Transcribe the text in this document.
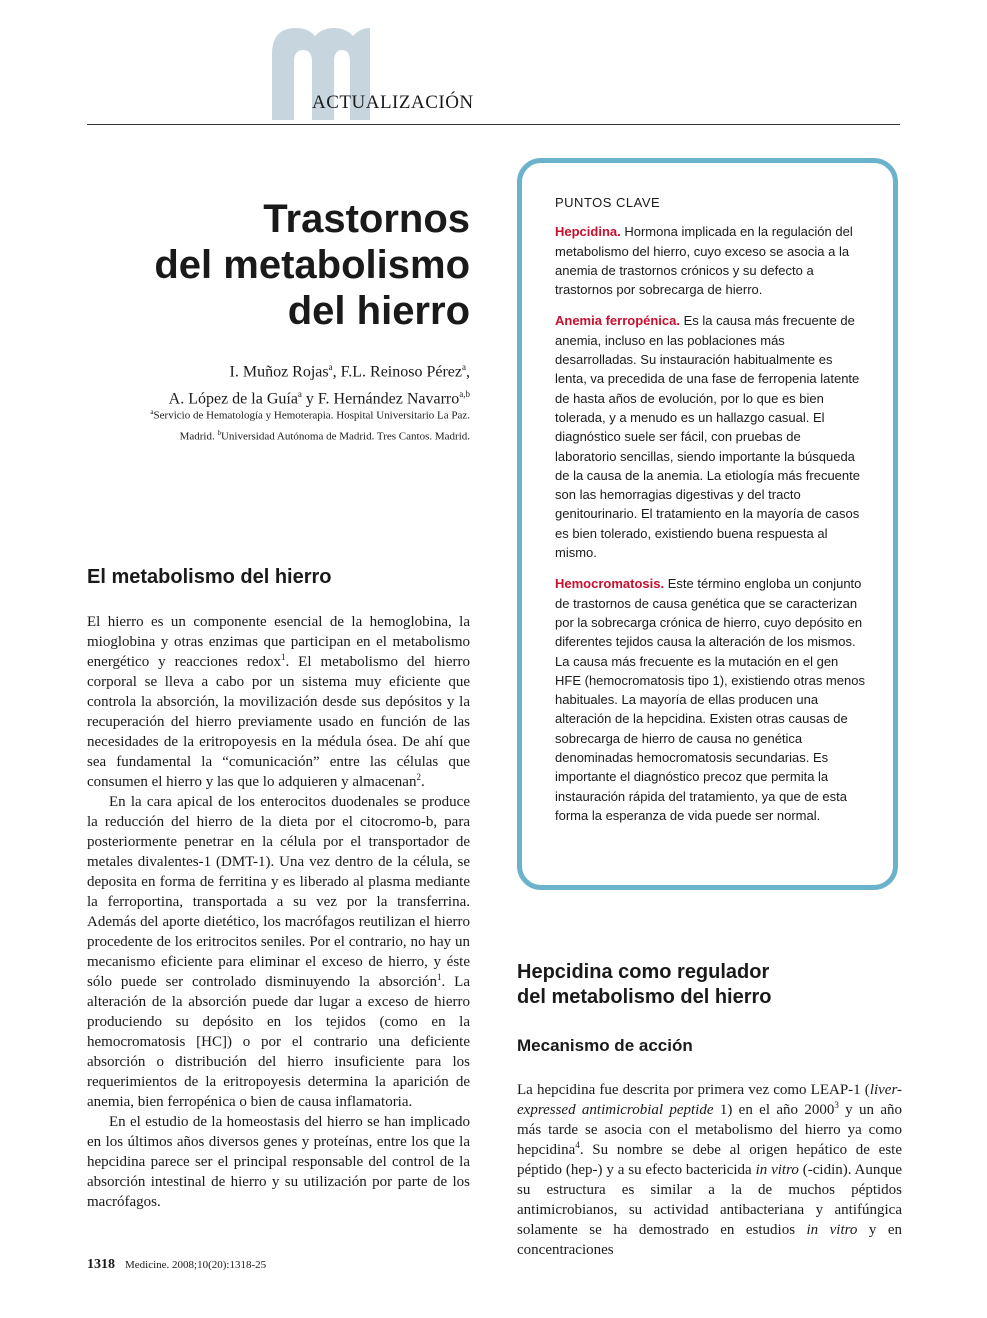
ACTUALIZACIÓN
Trastornos
del metabolismo
del hierro
I. Muñoz Rojas$^a$, F.L. Reinoso Pérez$^a$,
A. López de la Guía$^a$ y F. Hernández Navarro$^{a,b}$
$^a$Servicio de Hematología y Hemoterapia. Hospital Universitario La Paz.
Madrid. $^b$Universidad Autónoma de Madrid. Tres Cantos. Madrid.
El metabolismo del hierro

El hierro es un componente esencial de la hemoglobina, la mioglobina y otras enzimas que participan en el metabolismo energético y reacciones redox$^1$. El metabolismo del hierro corporal se lleva a cabo por un sistema muy eficiente que controla la absorción, la movilización desde sus depósitos y la recuperación del hierro previamente usado en función de las necesidades de la eritropoyesis en la médula ósea. De ahí que sea fundamental la “comunicación” entre las células que consumen el hierro y las que lo adquieren y almacenan$^2$.

En la cara apical de los enterocitos duodenales se produce la reducción del hierro de la dieta por el citocromo-b, para posteriormente penetrar en la célula por el transportador de metales divalentes-1 (DMT-1). Una vez dentro de la célula, se deposita en forma de ferritina y es liberado al plasma mediante la ferroportina, transportada a su vez por la transferrina. Además del aporte dietético, los macrófagos reutilizan el hierro procedente de los eritrocitos seniles. Por el contrario, no hay un mecanismo eficiente para eliminar el exceso de hierro, y éste sólo puede ser controlado disminuyendo la absorción$^1$. La alteración de la absorción puede dar lugar a exceso de hierro produciendo su depósito en los tejidos (como en la hemocromatosis [HC]) o por el contrario una deficiente absorción o distribución del hierro insuficiente para los requerimientos de la eritropoyesis determina la aparición de anemia, bien ferropénica o bien de causa inflamatoria.

En el estudio de la homeostasis del hierro se han implicado en los últimos años diversos genes y proteínas, entre los que la hepcidina parece ser el principal responsable del control de la absorción intestinal de hierro y su utilización por parte de los macrófagos.

PUNTOS CLAVE
Hepcidina. Hormona implicada en la regulación del metabolismo del hierro, cuyo exceso se asocia a la anemia de trastornos crónicos y su defecto a trastornos por sobrecarga de hierro.
Anemia ferropénica. Es la causa más frecuente de anemia, incluso en las poblaciones más desarrolladas. Su instauración habitualmente es lenta, va precedida de una fase de ferropenia latente de hasta años de evolución, por lo que es bien tolerada, y a menudo es un hallazgo casual. El diagnóstico suele ser fácil, con pruebas de laboratorio sencillas, siendo importante la búsqueda de la causa de la anemia. La etiología más frecuente son las hemorragias digestivas y del tracto genitourinario. El tratamiento en la mayoría de casos es bien tolerado, existiendo buena respuesta al mismo.
Hemocromatosis. Este término engloba un conjunto de trastornos de causa genética que se caracterizan por la sobrecarga crónica de hierro, cuyo depósito en diferentes tejidos causa la alteración de los mismos. La causa más frecuente es la mutación en el gen HFE (hemocromatosis tipo 1), existiendo otras menos habituales. La mayoría de ellas producen una alteración de la hepcidina. Existen otras causas de sobrecarga de hierro de causa no genética denominadas hemocromatosis secundarias. Es importante el diagnóstico precoz que permita la instauración rápida del tratamiento, ya que de esta forma la esperanza de vida puede ser normal.
Hepcidina como regulador
del metabolismo del hierro
Mecanismo de acción

La hepcidina fue descrita por primera vez como LEAP-1 (liver-expressed antimicrobial peptide 1) en el año 2000$^3$ y un año más tarde se asocia con el metabolismo del hierro ya como hepcidina$^4$. Su nombre se debe al origen hepático de este péptido (hep-) y a su efecto bactericida in vitro (-cidin). Aunque su estructura es similar a la de muchos péptidos antimicrobianos, su actividad antibacteriana y antifúngica solamente se ha demostrado en estudios in vitro y en concentraciones

1318 Medicine. 2008;10(20):1318-25
